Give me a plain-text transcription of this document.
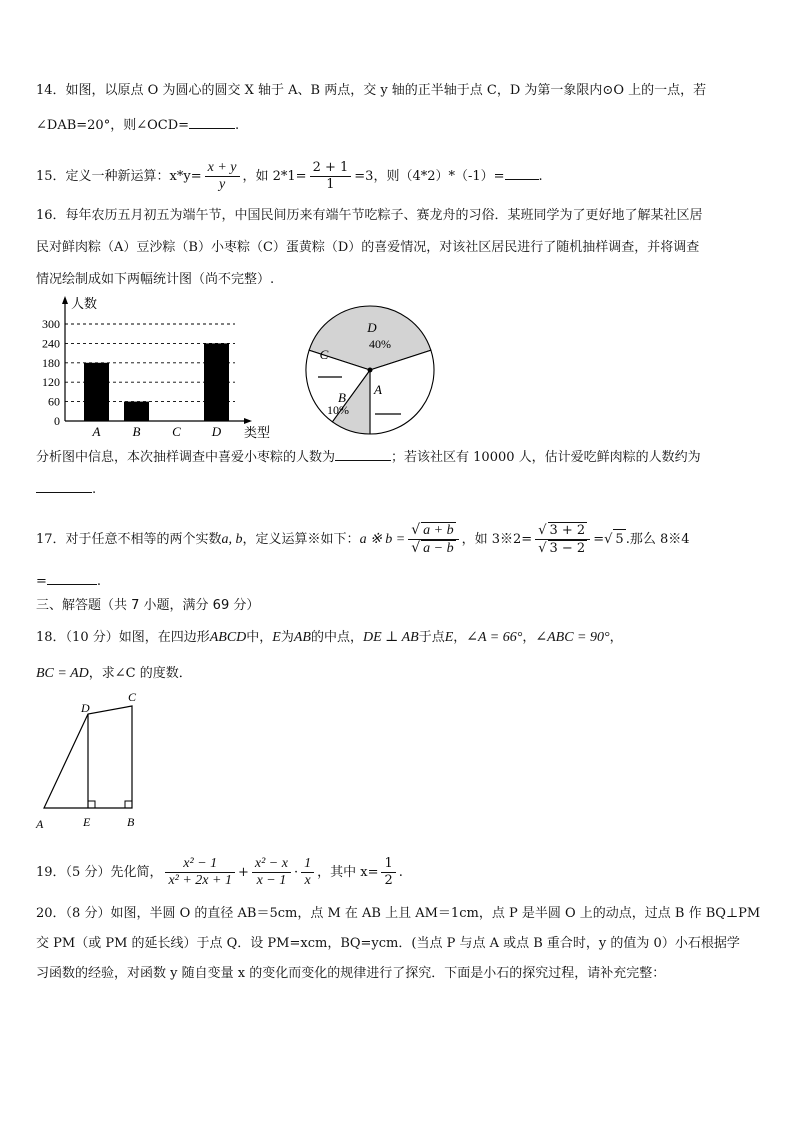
14．如图，以原点 O 为圆心的圆交 X 轴于 A、B 两点，交 y 轴的正半轴于点 C，D 为第一象限内⊙O 上的一点，若
∠DAB=20°，则∠OCD=	.
15．定义一种新运算：$x*y= \frac{x + y}{y}$ ，如 $2*1= \frac{2 + 1}{1} =3$，则（4*2）*（-1）=	.
16．每年农历五月初五为端午节，中国民间历来有端午节吃粽子、赛龙舟的习俗．某班同学为了更好地了解某社区居
民对鲜肉粽（A）豆沙粽（B）小枣粽（C）蛋黄粽（D）的喜爱情况，对该社区居民进行了随机抽样调查，并将调查
情况绘制成如下两幅统计图（尚不完整）.
0
60
120
180
240
300
A B C D
人数
类型
D
40%
A
B
10%
C
分析图中信息，本次抽样调查中喜爱小枣粽的人数为	；若该社区有 10000 人，估计爱吃鲜肉粽的人数约为
.
17．对于任意不相等的两个实数a, b，定义运算※如下：a ※ $b = \frac{√ a + b}{√ a - b}$ ，如 3※2= $\frac{√ 3 + 2}{√ 3 - 2}$ =√ 5 .那么 8※4
=	.
三、解答题（共 7 小题，满分 69 分）
18．（10 分）如图，在四边形ABCD中，E为AB的中点，DE ⊥ AB于点E，∠A = 66°，∠ABC = 90°，
BC = AD，求∠C 的度数．
A	E	B
D
C
19．（5 分）先化简， $\frac{\text{x² − 1}}{\text{x² + 2x + 1}} + \frac{\text{x² − x}}{x - 1} \cdot \frac{1}{x}$ ，其中 $x= \frac{1}{2}$ .
20．（8 分）如图，半圆 O 的直径 AB＝5cm，点 M 在 AB 上且 AM＝1cm，点 P 是半圆 O 上的动点，过点 B 作 BQ⊥PM
交 PM（或 PM 的延长线）于点 Q．设 PM=xcm，BQ=ycm．(当点 P 与点 A 或点 B 重合时，y 的值为 0）小石根据学
习函数的经验，对函数 y 随自变量 x 的变化而变化的规律进行了探究．下面是小石的探究过程，请补充完整：
